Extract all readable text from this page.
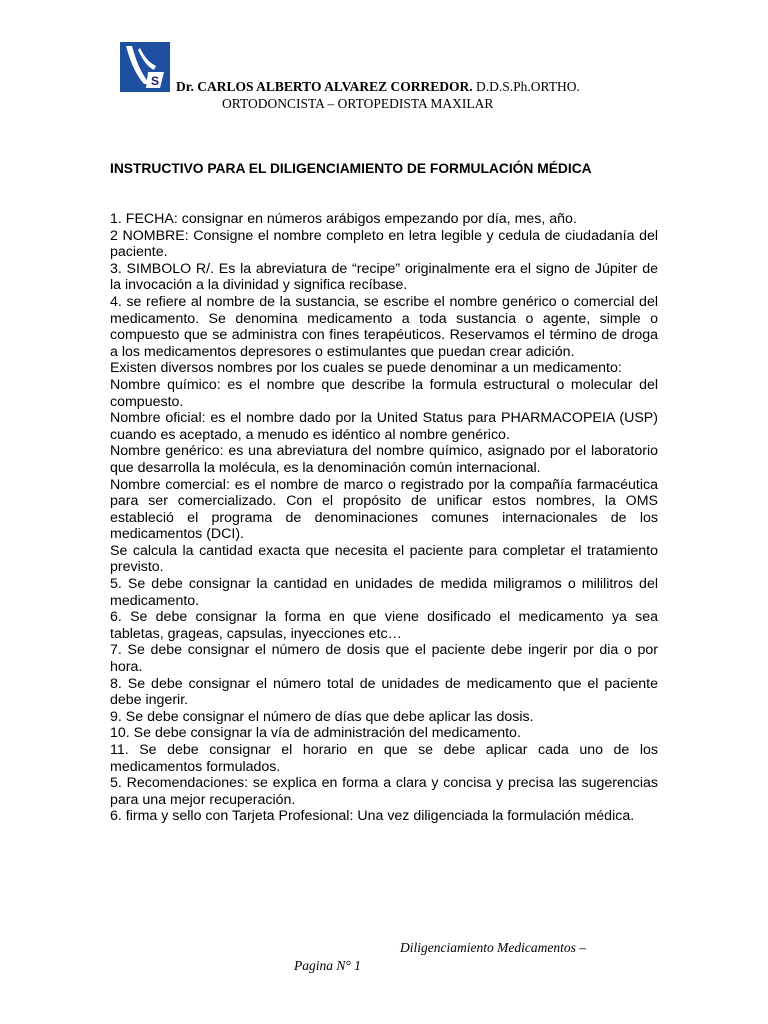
S Dr. CARLOS ALBERTO ALVAREZ CORREDOR. D.D.S.Ph.ORTHO.
ORTODONCISTA – ORTOPEDISTA MAXILAR
INSTRUCTIVO PARA EL DILIGENCIAMIENTO DE FORMULACIÓN MÉDICA

1. FECHA: consignar en números arábigos empezando por día, mes, año.

2 NOMBRE: Consigne el nombre completo en letra legible y cedula de ciudadanía del paciente.

3. SIMBOLO R/. Es la abreviatura de “recipe” originalmente era el signo de Júpiter de la invocación a la divinidad y significa recíbase.

4. se refiere al nombre de la sustancia, se escribe el nombre genérico o comercial del medicamento. Se denomina medicamento a toda sustancia o agente, simple o compuesto que se administra con fines terapéuticos. Reservamos el término de droga a los medicamentos depresores o estimulantes que puedan crear adición.

Existen diversos nombres por los cuales se puede denominar a un medicamento:

Nombre químico: es el nombre que describe la formula estructural o molecular del compuesto.

Nombre oficial: es el nombre dado por la United Status para PHARMACOPEIA (USP) cuando es aceptado, a menudo es idéntico al nombre genérico.

Nombre genérico: es una abreviatura del nombre químico, asignado por el laboratorio que desarrolla la molécula, es la denominación común internacional.

Nombre comercial: es el nombre de marco o registrado por la compañía farmacéutica para ser comercializado. Con el propósito de unificar estos nombres, la OMS estableció el programa de denominaciones comunes internacionales de los medicamentos (DCI).

Se calcula la cantidad exacta que necesita el paciente para completar el tratamiento previsto.

5. Se debe consignar la cantidad en unidades de medida miligramos o mililitros del medicamento.

6. Se debe consignar la forma en que viene dosificado el medicamento ya sea tabletas, grageas, capsulas, inyecciones etc…

7. Se debe consignar el número de dosis que el paciente debe ingerir por dia o por hora.

8. Se debe consignar el número total de unidades de medicamento que el paciente debe ingerir.

9. Se debe consignar el número de días que debe aplicar las dosis.

10. Se debe consignar la vía de administración del medicamento.

11. Se debe consignar el horario en que se debe aplicar cada uno de los medicamentos formulados.

5. Recomendaciones: se explica en forma a clara y concisa y precisa las sugerencias para una mejor recuperación.

6. firma y sello con Tarjeta Profesional: Una vez diligenciada la formulación médica.

Diligenciamiento Medicamentos –
Pagina N° 1
